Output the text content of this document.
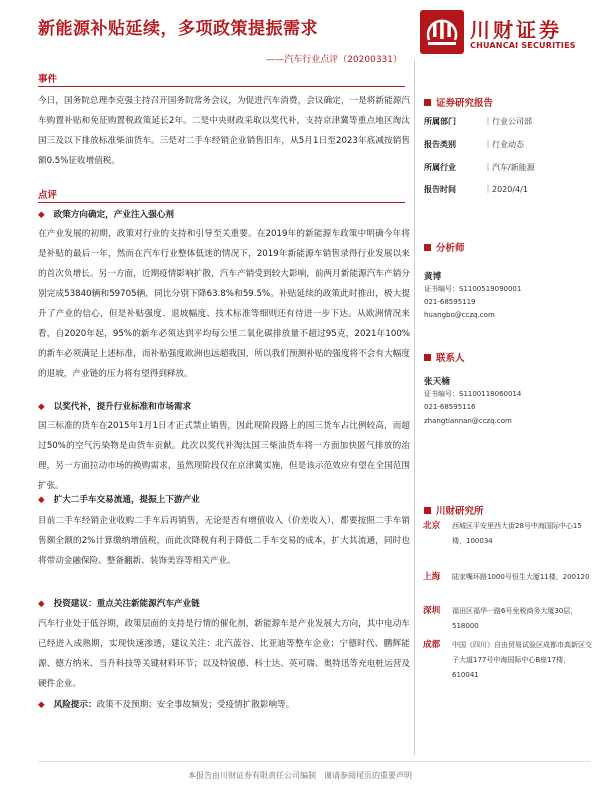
新能源补贴延续，多项政策提振需求
——汽车行业点评（20200331）
川财证券
CHUANCAI SECURITIES
事件
今日，国务院总理李克强主持召开国务院常务会议，为促进汽车消费，会议确定，一是将新能源汽车购置补贴和免征购置税政策延长2年。二是中央财政采取以奖代补，支持京津冀等重点地区淘汰国三及以下排放标准柴油货车。三是对二手车经销企业销售旧车，从5月1日至2023年底减按销售额0.5%征收增值税。
点评
◆ 政策方向确定，产业注入强心剂
在产业发展的初期，政策对行业的支持和引导至关重要。在2019年的新能源车政策中明确今年将是补贴的最后一年，然而在汽车行业整体低迷的情况下，2019年新能源车销售录得行业发展以来的首次负增长。另一方面，近期疫情影响扩散，汽车产销受到较大影响，前两月新能源汽车产销分别完成53840辆和59705辆，同比分别下降63.8%和59.5%。补贴延续的政策此时推出，极大提升了产业的信心，但是补贴强度、退坡幅度、技术标准等细则还有待进一步下达。从欧洲情况来看，自2020年起，95%的新车必须达到平均每公里二氧化碳排放量不超过95克，2021年100%的新车必须满足上述标准，而补贴强度欧洲也远超我国，所以我们预测补贴的强度将不会有大幅度的退坡，产业链的压力将有望得到释放。
◆ 以奖代补，提升行业标准和市场需求
国三标准的货车在2015年1月1日才正式禁止销售，因此现阶段路上的国三货车占比例较高，而超过50%的空气污染物是由货车贡献。此次以奖代补淘汰国三柴油货车将一方面加快匿气排放的治理，另一方面拉动市场的换购需求，虽然现阶段仅在京津冀实施，但是该示范效应有望在全国范围扩张。
◆ 扩大二手车交易流通，提振上下游产业
目前二手车经销企业收购二手车后再销售，无论是否有增值收入（价差收入），都要按照二手车销售额全额的2%计算缴纳增值税，而此次降税有利于降低二手车交易的成本，扩大其流通，同时也将带动金融保险、整备翻新、装饰美容等相关产业。
◆ 投资建议：重点关注新能源汽车产业链
汽车行业处于低谷期，政策层面的支持是行情的催化剂，新能源车是产业发展大方向，其中电动车已经进入成熟期，实现快速渗透，建议关注：北汽蓝谷、比亚迪等整车企业；宁德时代、鹏辉能源、德方纳米、当升科技等关键材料环节；以及特锐德、科士达、英可瑞、奥特迅等充电桩运营及硬件企业。
◆ 风险提示：政策不及预期；安全事故频发；受疫情扩散影响等。
证券研究报告
所属部门	｜行业公司部
报告类别	｜行业动态
所属行业	｜汽车/新能源
报告时间	｜2020/4/1
分析师
黄博
证书编号：S1100519090001
021-68595119
huangbo@cczq.com
联系人
张天楠
证书编号：S1100118060014
021-68595116
zhangtiannan@cczq.com
川财研究所
北京 西城区平安里西大街28号中海国际中心15楼，100034
上海 陆家嘴环路1000号恒生大厦11楼，200120
深圳 福田区福华一路6号免税商务大厦30层，518000
成都 中国（四川）自由贸易试验区成都市高新区交子大道177号中海国际中心B座17楼，610041
本报告由川财证券有限责任公司编制　谨请参阅尾页的重要声明
